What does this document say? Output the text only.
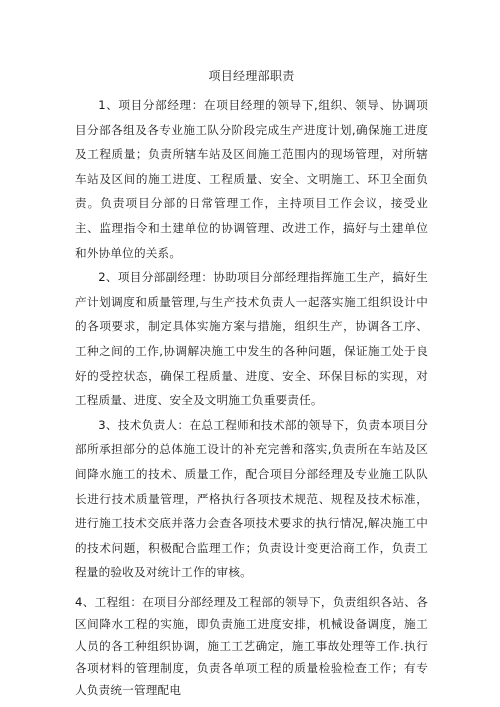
项目经理部职责

1、项目分部经理：在项目经理的领导下,组织、领导、协调项目分部各组及各专业施工队分阶段完成生产进度计划,确保施工进度及工程质量；负责所辖车站及区间施工范围内的现场管理，对所辖车站及区间的施工进度、工程质量、安全、文明施工、环卫全面负责。负责项目分部的日常管理工作，主持项目工作会议，接受业主、监理指令和土建单位的协调管理、改进工作，搞好与土建单位和外协单位的关系。

2、项目分部副经理：协助项目分部经理指挥施工生产，搞好生产计划调度和质量管理,与生产技术负责人一起落实施工组织设计中的各项要求，制定具体实施方案与措施，组织生产，协调各工序、工种之间的工作,协调解决施工中发生的各种问题，保证施工处于良好的受控状态，确保工程质量、进度、安全、环保目标的实现，对工程质量、进度、安全及文明施工负重要责任。

3、技术负责人：在总工程师和技术部的领导下，负责本项目分部所承担部分的总体施工设计的补充完善和落实,负责所在车站及区间降水施工的技术、质量工作，配合项目分部经理及专业施工队队长进行技术质量管理，严格执行各项技术规范、规程及技术标准，进行施工技术交底并落力会查各项技术要求的执行情况,解决施工中的技术问题，积极配合监理工作；负责设计变更洽商工作，负责工程量的验收及对统计工作的审核。

4、工程组：在项目分部经理及工程部的领导下，负责组织各站、各区间降水工程的实施，即负责施工进度安排，机械设备调度，施工人员的各工种组织协调，施工工艺确定，施工事故处理等工作.执行各项材料的管理制度，负责各单项工程的质量检验检查工作；有专人负责统一管理配电
